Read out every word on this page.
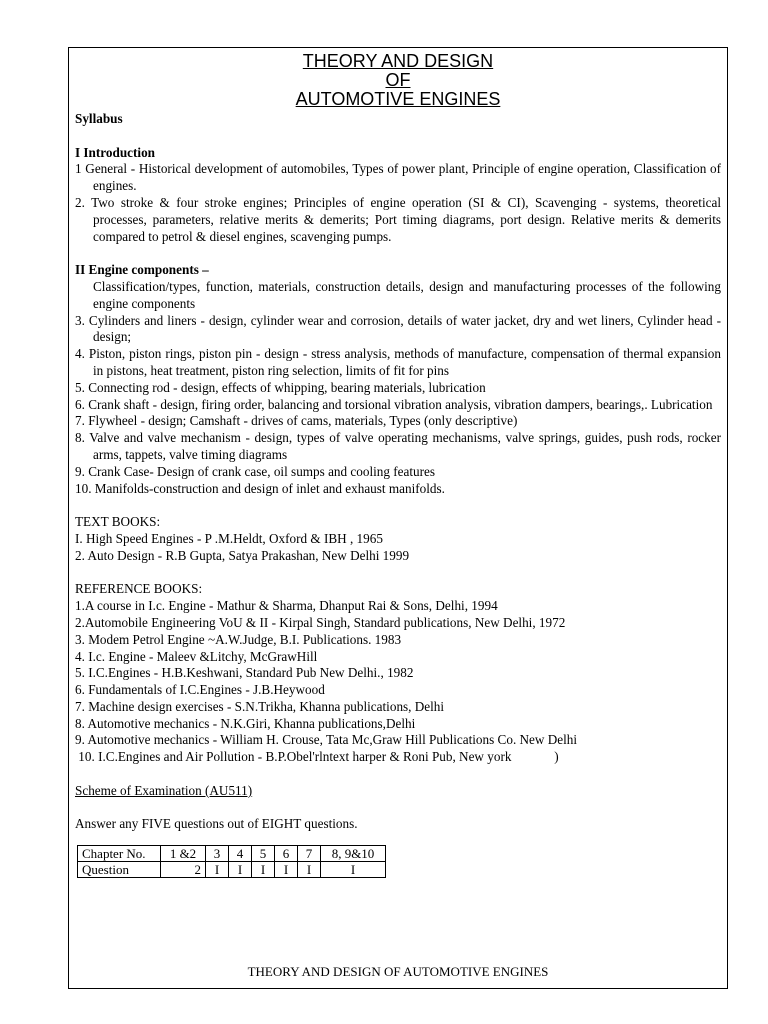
THEORY AND DESIGN
OF
AUTOMOTIVE ENGINES
Syllabus
I Introduction
1 General - Historical development of automobiles, Types of power plant, Principle of engine operation, Classification of engines.
2. Two stroke & four stroke engines; Principles of engine operation (SI & CI), Scavenging - systems, theoretical processes, parameters, relative merits & demerits; Port timing diagrams, port design. Relative merits & demerits compared to petrol & diesel engines, scavenging pumps.
II Engine components –
Classification/types, function, materials, construction details, design and manufacturing processes of the following engine components
3. Cylinders and liners - design, cylinder wear and corrosion, details of water jacket, dry and wet liners, Cylinder head - design;
4. Piston, piston rings, piston pin - design - stress analysis, methods of manufacture, compensation of thermal expansion in pistons, heat treatment, piston ring selection, limits of fit for pins
5. Connecting rod - design, effects of whipping, bearing materials, lubrication
6. Crank shaft - design, firing order, balancing and torsional vibration analysis, vibration dampers, bearings,. Lubrication
7. Flywheel - design; Camshaft - drives of cams, materials, Types (only descriptive)
8. Valve and valve mechanism - design, types of valve operating mechanisms, valve springs, guides, push rods, rocker arms, tappets, valve timing diagrams
9. Crank Case- Design of crank case, oil sumps and cooling features
10. Manifolds-construction and design of inlet and exhaust manifolds.
TEXT BOOKS:
I. High Speed Engines - P .M.Heldt, Oxford & IBH , 1965
2. Auto Design - R.B Gupta, Satya Prakashan, New Delhi 1999
REFERENCE BOOKS:
1.A course in I.c. Engine - Mathur & Sharma, Dhanput Rai & Sons, Delhi, 1994
2.Automobile Engineering VoU & II - Kirpal Singh, Standard publications, New Delhi, 1972
3. Modem Petrol Engine ~A.W.Judge, B.I. Publications. 1983
4. I.c. Engine - Maleev &Litchy, McGrawHill
5. I.C.Engines - H.B.Keshwani, Standard Pub New Delhi., 1982
6. Fundamentals of I.C.Engines - J.B.Heywood
7. Machine design exercises - S.N.Trikha, Khanna publications, Delhi
8. Automotive mechanics - N.K.Giri, Khanna publications,Delhi
9. Automotive mechanics - William H. Crouse, Tata Mc,Graw Hill Publications Co. New Delhi
10. I.C.Engines and Air Pollution - B.P.Obel'rlntext harper & Roni Pub, New york             )
Scheme of Examination (AU511)
Answer any FIVE questions out of EIGHT questions.
Chapter No.	1 &2	3	4	5	6	7	8, 9&10
Question	2	I	I	I	I	I	I
THEORY AND DESIGN OF AUTOMOTIVE ENGINES
